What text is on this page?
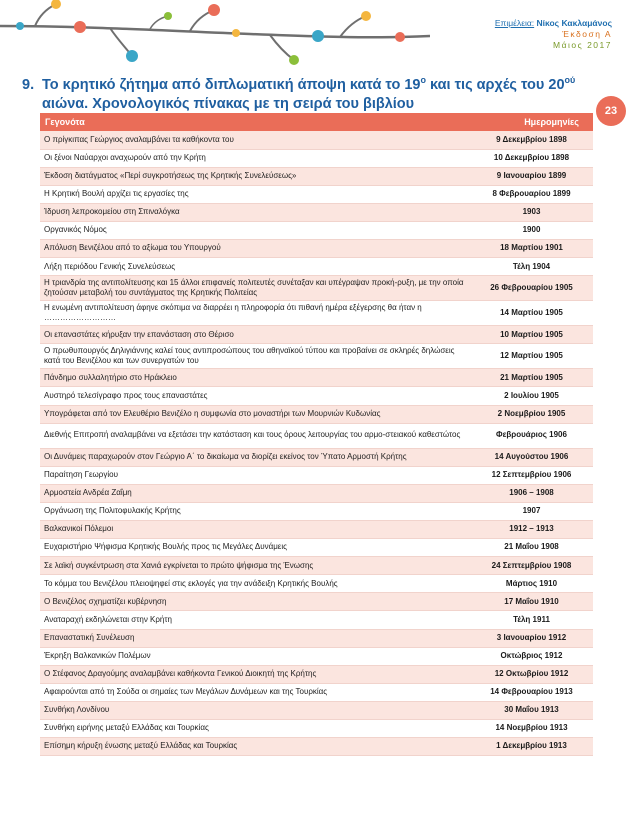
Επιμέλεια: Νίκος Κακλαμάνος
Έκδοση Α
Μάιος 2017
23
9. Το κρητικό ζήτημα από διπλωματική άποψη κατά το $19^o$ και τις αρχές του $20^{oύ}$
αιώνα. Χρονολογικός πίνακας με τη σειρά του βιβλίου
Γεγονότα	Ημερομηνίες
Ο πρίγκιπας Γεώργιος αναλαμβάνει τα καθήκοντα του	9 Δεκεμβρίου 1898
Οι ξένοι Ναύαρχοι αναχωρούν από την Κρήτη	10 Δεκεμβρίου 1898
Έκδοση διατάγματος «Περί συγκροτήσεως της Κρητικής Συνελεύσεως»	9 Ιανουαρίου 1899
Η Κρητική Βουλή αρχίζει τις εργασίες της	8 Φεβρουαρίου 1899
Ίδρυση λεπροκομείου στη Σπιναλόγκα	1903
Οργανικός Νόμος	1900
Απόλυση Βενιζέλου από το αξίωμα του Υπουργού	18 Μαρτίου 1901
Λήξη περιόδου Γενικής Συνελεύσεως	Τέλη 1904
Η τριανδρία της αντιπολίτευσης και 15 άλλοι επιφανείς πολιτευτές συνέταξαν και υπέγραψαν προκή-ρυξη, με την οποία ζητούσαν μεταβολή του συντάγματος της Κρητικής Πολιτείας	26 Φεβρουαρίου 1905
Η ενωμένη αντιπολίτευση άφηνε σκόπιμα να διαρρέει η πληροφορία ότι πιθανή ημέρα εξέγερσης θα ήταν η ………………………	14 Μαρτίου 1905
Οι επαναστάτες κήρυξαν την επανάσταση στο Θέρισο	10 Μαρτίου 1905
Ο πρωθυπουργός Δηλιγιάννης καλεί τους αντιπροσώπους του αθηναϊκού τύπου και προβαίνει σε σκληρές δηλώσεις κατά του Βενιζέλου και των συνεργατών του	12 Μαρτίου 1905
Πάνδημο συλλαλητήριο στο Ηράκλειο	21 Μαρτίου 1905
Αυστηρό τελεσίγραφο προς τους επαναστάτες	2 Ιουλίου 1905
Υπογράφεται από τον Ελευθέριο Βενιζέλο η συμφωνία στο μοναστήρι των Μουρνιών Κυδωνίας	2 Νοεμβρίου 1905
Διεθνής Επιτροπή αναλαμβάνει να εξετάσει την κατάσταση και τους όρους λειτουργίας του αρμο-στειακού καθεστώτος	Φεβρουάριος 1906
Οι Δυνάμεις παραχωρούν στον Γεώργιο Α΄ το δικαίωμα να διορίζει εκείνος τον Ύπατο Αρμοστή Κρήτης	14 Αυγούστου 1906
Παραίτηση Γεωργίου	12 Σεπτεμβρίου 1906
Αρμοστεία Ανδρέα Ζαΐμη	1906 – 1908
Οργάνωση της Πολιτοφυλακής Κρήτης	1907
Βαλκανικοί Πόλεμοι	1912 – 1913
Ευχαριστήριο Ψήφισμα Κρητικής Βουλής προς τις Μεγάλες Δυνάμεις	21 Μαΐου 1908
Σε λαϊκή συγκέντρωση στα Χανιά εγκρίνεται το πρώτο ψήφισμα της Ένωσης	24 Σεπτεμβρίου 1908
Το κόμμα του Βενιζέλου πλειοψηφεί στις εκλογές για την ανάδειξη Κρητικής Βουλής	Μάρτιος 1910
Ο Βενιζέλος σχηματίζει κυβέρνηση	17 Μαΐου 1910
Αναταραχή εκδηλώνεται στην Κρήτη	Τέλη 1911
Επαναστατική Συνέλευση	3 Ιανουαρίου 1912
Έκρηξη Βαλκανικών Πολέμων	Οκτώβριος 1912
Ο Στέφανος Δραγούμης αναλαμβάνει καθήκοντα Γενικού Διοικητή της Κρήτης	12 Οκτωβρίου 1912
Αφαιρούνται από τη Σούδα οι σημαίες των Μεγάλων Δυνάμεων και της Τουρκίας	14 Φεβρουαρίου 1913
Συνθήκη Λονδίνου	30 Μαΐου 1913
Συνθήκη ειρήνης μεταξύ Ελλάδας και Τουρκίας	14 Νοεμβρίου 1913
Επίσημη κήρυξη ένωσης μεταξύ Ελλάδας και Τουρκίας	1 Δεκεμβρίου 1913
